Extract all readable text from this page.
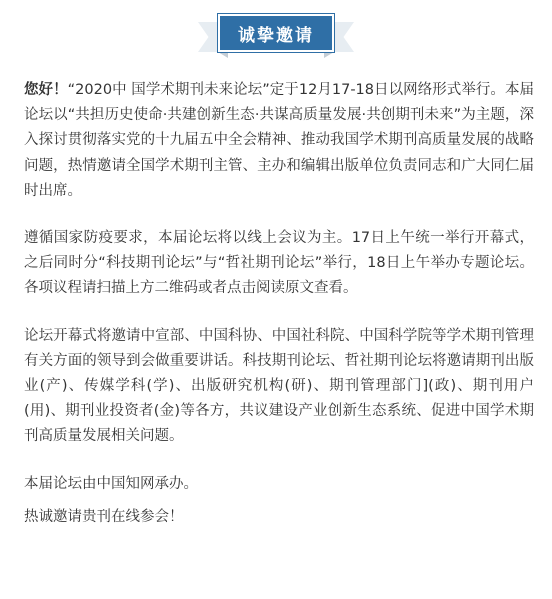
诚挚邀请

您好！“2020中 国学术期刊未来论坛”定于12月17-18日以网络形式举行。本届论坛以“共担历史使命·共建创新生态·共谋高质量发展·共创期刊未来”为主题，深入探讨贯彻落实党的十九届五中全会精神、推动我国学术期刊高质量发展的战略问题，热情邀请全国学术期刊主管、主办和编辑出版单位负责同志和广大同仁届时出席。

遵循国家防疫要求，本届论坛将以线上会议为主。17日上午统一举行开幕式，之后同时分“科技期刊论坛”与“哲社期刊论坛”举行，18日上午举办专题论坛。各项议程请扫描上方二维码或者点击阅读原文查看。

论坛开幕式将邀请中宣部、中国科协、中国社科院、中国科学院等学术期刊管理有关方面的领导到会做重要讲话。科技期刊论坛、哲社期刊论坛将邀请期刊出版业(产)、传媒学科(学)、出版研究机构(研)、期刊管理部门](政)、期刊用户(用)、期刊业投资者(金)等各方，共议建设产业创新生态系统、促进中国学术期刊高质量发展相关问题。

本届论坛由中国知网承办。

热诚邀请贵刊在线参会！
